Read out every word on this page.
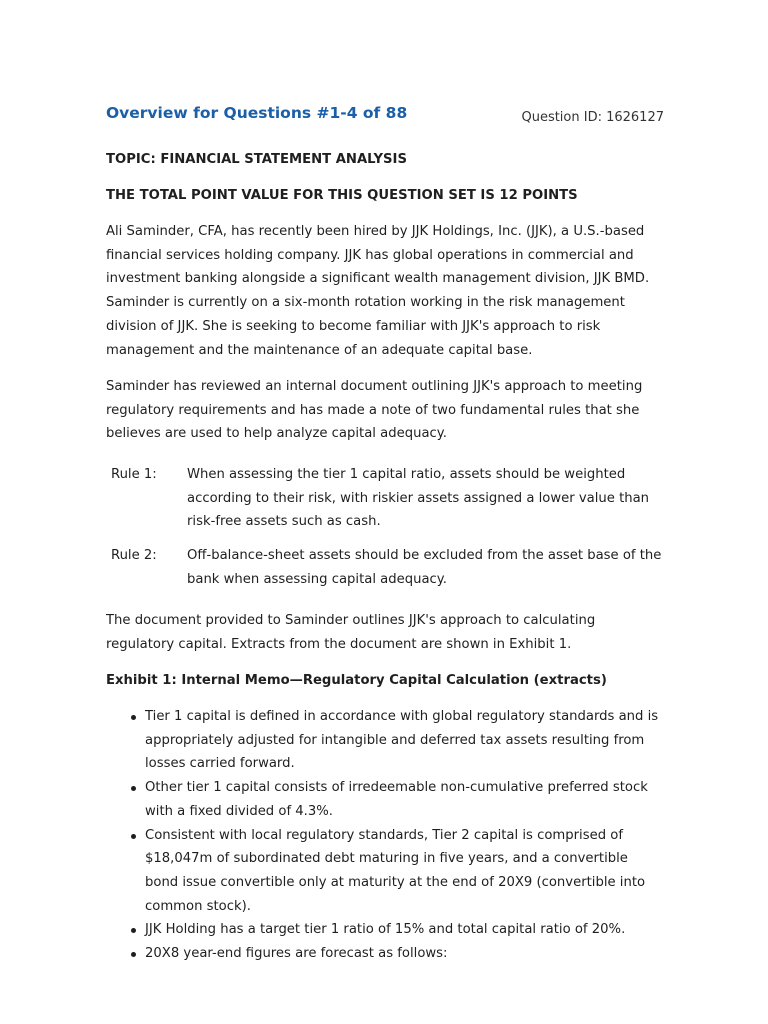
Overview for Questions #1-4 of 88	Question ID: 1626127
TOPIC: FINANCIAL STATEMENT ANALYSIS
THE TOTAL POINT VALUE FOR THIS QUESTION SET IS 12 POINTS
Ali Saminder, CFA, has recently been hired by JJK Holdings, Inc. (JJK), a U.S.-based financial services holding company. JJK has global operations in commercial and investment banking alongside a significant wealth management division, JJK BMD. Saminder is currently on a six-month rotation working in the risk management division of JJK. She is seeking to become familiar with JJK's approach to risk management and the maintenance of an adequate capital base.
Saminder has reviewed an internal document outlining JJK's approach to meeting regulatory requirements and has made a note of two fundamental rules that she believes are used to help analyze capital adequacy.
Rule 1:	When assessing the tier 1 capital ratio, assets should be weighted according to their risk, with riskier assets assigned a lower value than risk-free assets such as cash.
Rule 2:	Off-balance-sheet assets should be excluded from the asset base of the bank when assessing capital adequacy.
The document provided to Saminder outlines JJK's approach to calculating regulatory capital. Extracts from the document are shown in Exhibit 1.
Exhibit 1: Internal Memo—Regulatory Capital Calculation (extracts)
Tier 1 capital is defined in accordance with global regulatory standards and is appropriately adjusted for intangible and deferred tax assets resulting from losses carried forward.
Other tier 1 capital consists of irredeemable non-cumulative preferred stock with a fixed divided of 4.3%.
Consistent with local regulatory standards, Tier 2 capital is comprised of $18,047m of subordinated debt maturing in five years, and a convertible bond issue convertible only at maturity at the end of 20X9 (convertible into common stock).
JJK Holding has a target tier 1 ratio of 15% and total capital ratio of 20%.
20X8 year-end figures are forecast as follows:
